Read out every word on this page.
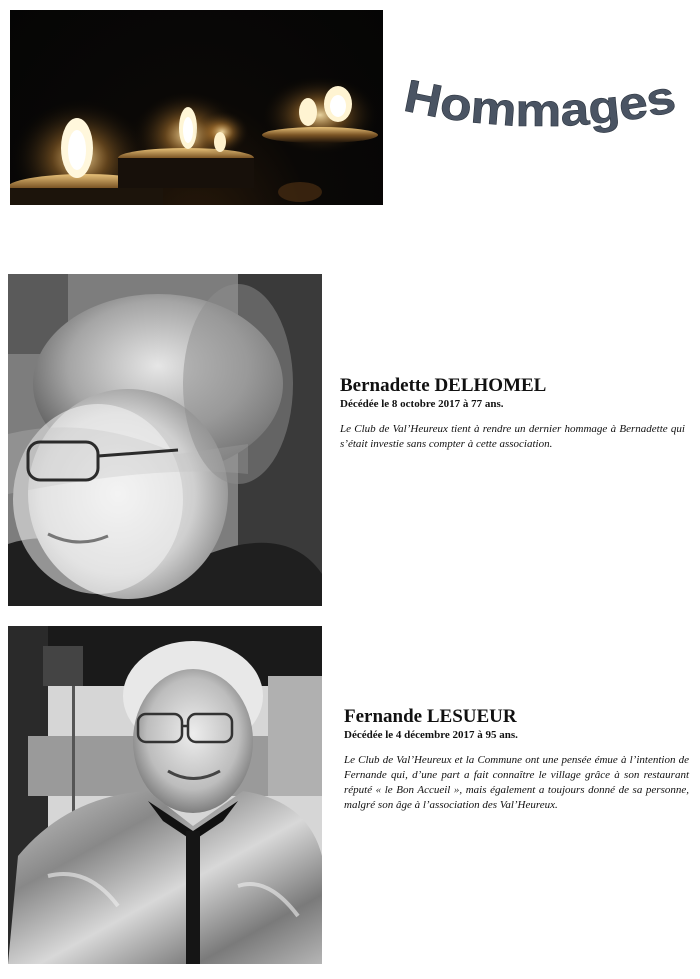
Hommages

Bernadette DELHOMEL

Décédée le 8 octobre 2017 à 77 ans.

Le Club de Val’Heureux tient à rendre un dernier hommage à Bernadette qui s’était investie sans compter à cette association.

Fernande LESUEUR

Décédée le 4 décembre 2017 à 95 ans.

Le Club de Val’Heureux et la Commune ont une pensée émue à l’intention de Fernande qui, d’une part a fait connaître le village grâce à son restaurant réputé « le Bon Accueil », mais également a toujours donné de sa personne, malgré son âge à l’association des Val’Heureux.
